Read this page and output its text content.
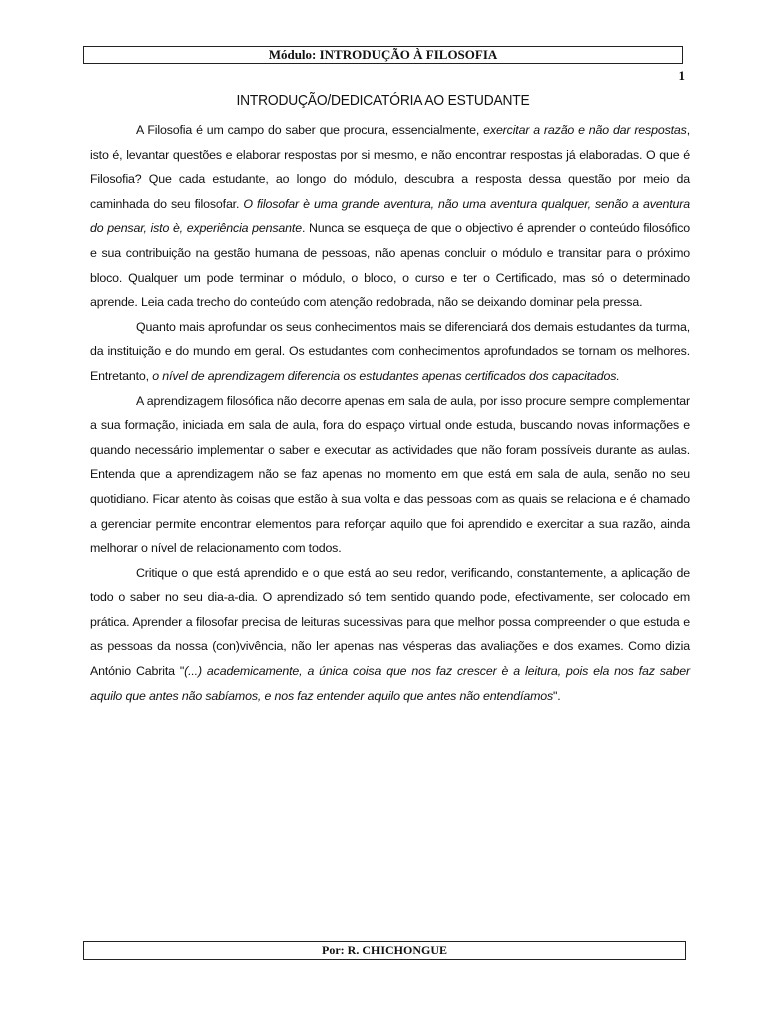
Módulo: INTRODUÇÃO À FILOSOFIA
1
INTRODUÇÃO/DEDICATÓRIA AO ESTUDANTE

A Filosofia é um campo do saber que procura, essencialmente, exercitar a razão e não dar respostas, isto é, levantar questões e elaborar respostas por si mesmo, e não encontrar respostas já elaboradas. O que é Filosofia? Que cada estudante, ao longo do módulo, descubra a resposta dessa questão por meio da caminhada do seu filosofar. O filosofar è uma grande aventura, não uma aventura qualquer, senão a aventura do pensar, isto è, experiência pensante. Nunca se esqueça de que o objectivo é aprender o conteúdo filosófico e sua contribuição na gestão humana de pessoas, não apenas concluir o módulo e transitar para o próximo bloco. Qualquer um pode terminar o módulo, o bloco, o curso e ter o Certificado, mas só o determinado aprende. Leia cada trecho do conteúdo com atenção redobrada, não se deixando dominar pela pressa.

Quanto mais aprofundar os seus conhecimentos mais se diferenciará dos demais estudantes da turma, da instituição e do mundo em geral. Os estudantes com conhecimentos aprofundados se tornam os melhores. Entretanto, o nível de aprendizagem diferencia os estudantes apenas certificados dos capacitados.

A aprendizagem filosófica não decorre apenas em sala de aula, por isso procure sempre complementar a sua formação, iniciada em sala de aula, fora do espaço virtual onde estuda, buscando novas informações e quando necessário implementar o saber e executar as actividades que não foram possíveis durante as aulas. Entenda que a aprendizagem não se faz apenas no momento em que está em sala de aula, senão no seu quotidiano. Ficar atento às coisas que estão à sua volta e das pessoas com as quais se relaciona e é chamado a gerenciar permite encontrar elementos para reforçar aquilo que foi aprendido e exercitar a sua razão, ainda melhorar o nível de relacionamento com todos.

Critique o que está aprendido e o que está ao seu redor, verificando, constantemente, a aplicação de todo o saber no seu dia-a-dia. O aprendizado só tem sentido quando pode, efectivamente, ser colocado em prática. Aprender a filosofar precisa de leituras sucessivas para que melhor possa compreender o que estuda e as pessoas da nossa (con)vivência, não ler apenas nas vésperas das avaliações e dos exames. Como dizia António Cabrita "(...) academicamente, a única coisa que nos faz crescer è a leitura, pois ela nos faz saber aquilo que antes não sabíamos, e nos faz entender aquilo que antes não entendíamos".

Por: R. CHICHONGUE
